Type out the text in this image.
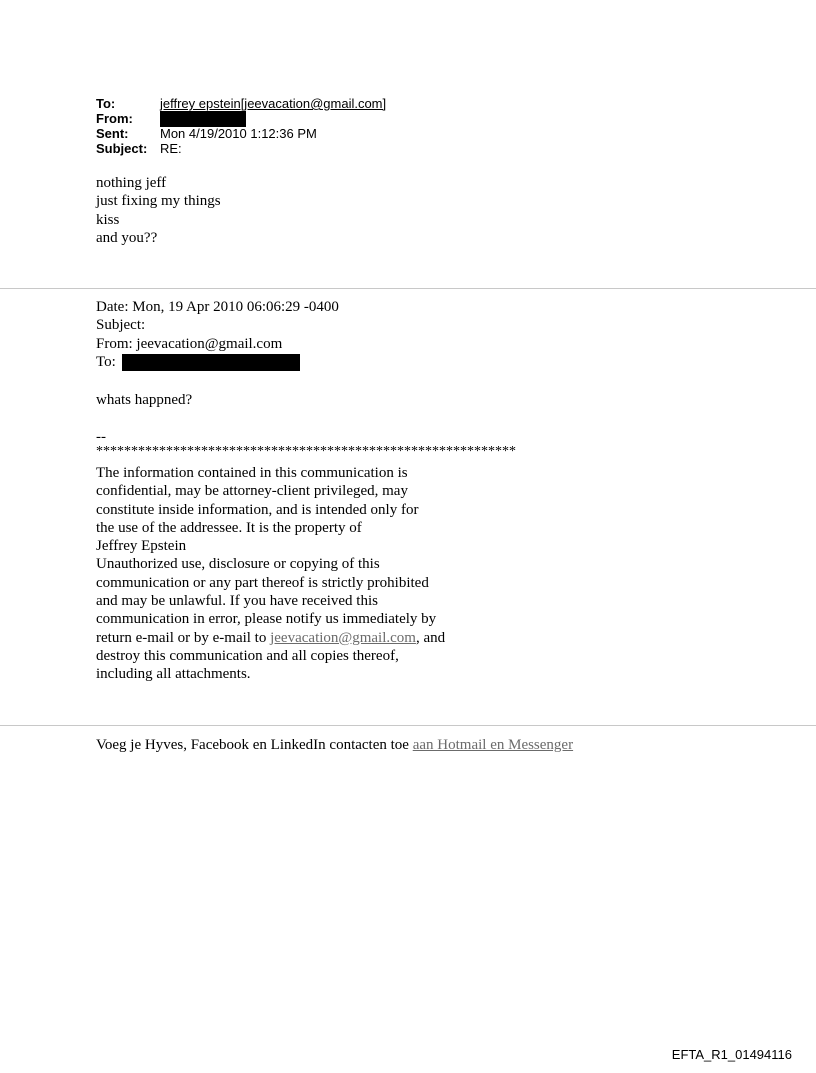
To:	jeffrey epstein[jeevacation@gmail.com]
From:
Sent: Mon 4/19/2010 1:12:36 PM
Subject: RE:
nothing jeff
just fixing my things
kiss
and you??
Date: Mon, 19 Apr 2010 06:06:29 -0400
Subject:
From: jeevacation@gmail.com
To:
whats happned?
--
************************************************************
The information contained in this communication is
confidential, may be attorney-client privileged, may
constitute inside information, and is intended only for
the use of the addressee. It is the property of
Jeffrey Epstein
Unauthorized use, disclosure or copying of this
communication or any part thereof is strictly prohibited
and may be unlawful. If you have received this
communication in error, please notify us immediately by
return e-mail or by e-mail to jeevacation@gmail.com, and
destroy this communication and all copies thereof,
including all attachments.
Voeg je Hyves, Facebook en LinkedIn contacten toe aan Hotmail en Messenger
EFTA_R1_01494116
